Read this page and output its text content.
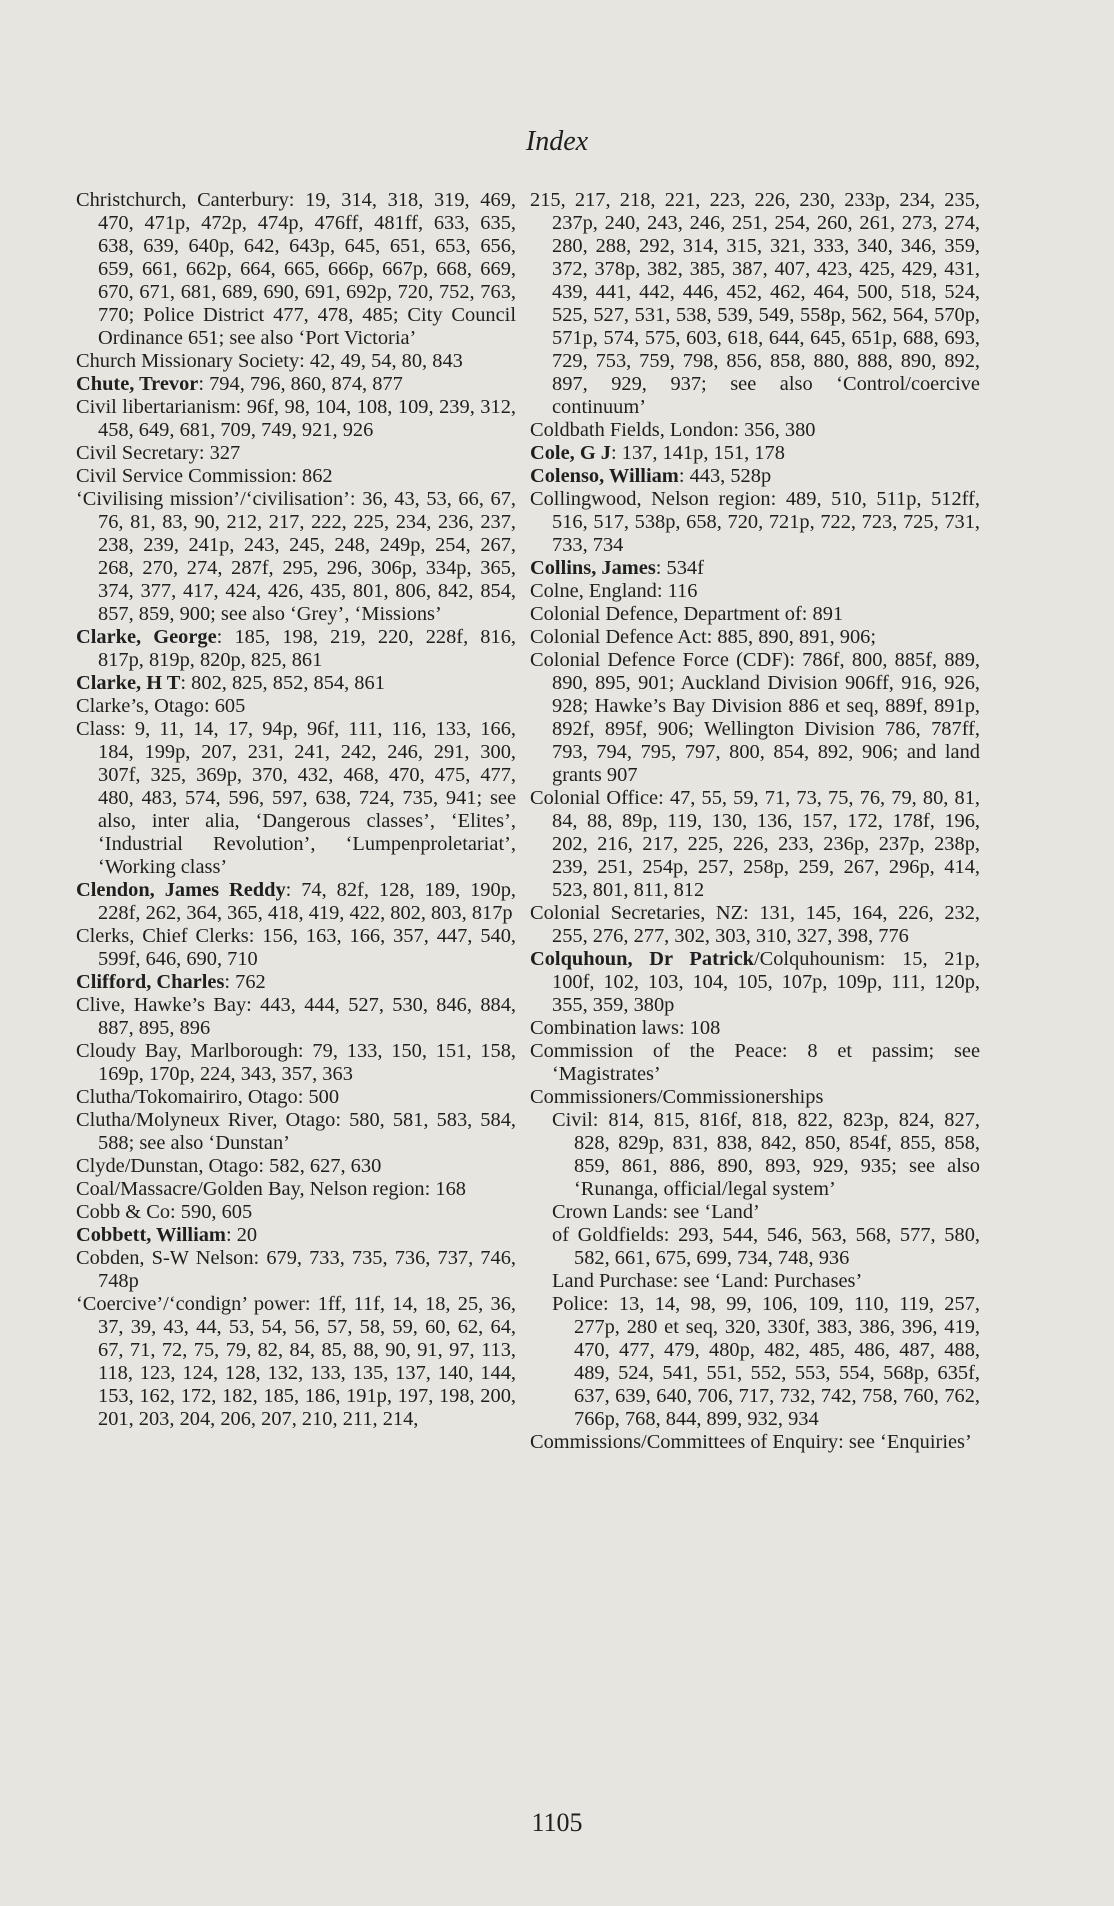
Index
Christchurch, Canterbury: 19, 314, 318, 319, 469, 470, 471p, 472p, 474p, 476ff, 481ff, 633, 635, 638, 639, 640p, 642, 643p, 645, 651, 653, 656, 659, 661, 662p, 664, 665, 666p, 667p, 668, 669, 670, 671, 681, 689, 690, 691, 692p, 720, 752, 763, 770; Police District 477, 478, 485; City Council Ordinance 651; see also ‘Port Victoria’
Church Missionary Society: 42, 49, 54, 80, 843
Chute, Trevor: 794, 796, 860, 874, 877
Civil libertarianism: 96f, 98, 104, 108, 109, 239, 312, 458, 649, 681, 709, 749, 921, 926
Civil Secretary: 327
Civil Service Commission: 862
‘Civilising mission’/‘civilisation’: 36, 43, 53, 66, 67, 76, 81, 83, 90, 212, 217, 222, 225, 234, 236, 237, 238, 239, 241p, 243, 245, 248, 249p, 254, 267, 268, 270, 274, 287f, 295, 296, 306p, 334p, 365, 374, 377, 417, 424, 426, 435, 801, 806, 842, 854, 857, 859, 900; see also ‘Grey’, ‘Missions’
Clarke, George: 185, 198, 219, 220, 228f, 816, 817p, 819p, 820p, 825, 861
Clarke, H T: 802, 825, 852, 854, 861
Clarke’s, Otago: 605
Class: 9, 11, 14, 17, 94p, 96f, 111, 116, 133, 166, 184, 199p, 207, 231, 241, 242, 246, 291, 300, 307f, 325, 369p, 370, 432, 468, 470, 475, 477, 480, 483, 574, 596, 597, 638, 724, 735, 941; see also, inter alia, ‘Dangerous classes’, ‘Elites’, ‘Industrial Revolution’, ‘Lumpenproletariat’, ‘Working class’
Clendon, James Reddy: 74, 82f, 128, 189, 190p, 228f, 262, 364, 365, 418, 419, 422, 802, 803, 817p
Clerks, Chief Clerks: 156, 163, 166, 357, 447, 540, 599f, 646, 690, 710
Clifford, Charles: 762
Clive, Hawke’s Bay: 443, 444, 527, 530, 846, 884, 887, 895, 896
Cloudy Bay, Marlborough: 79, 133, 150, 151, 158, 169p, 170p, 224, 343, 357, 363
Clutha/Tokomairiro, Otago: 500
Clutha/Molyneux River, Otago: 580, 581, 583, 584, 588; see also ‘Dunstan’
Clyde/Dunstan, Otago: 582, 627, 630
Coal/Massacre/Golden Bay, Nelson region: 168
Cobb & Co: 590, 605
Cobbett, William: 20
Cobden, S-W Nelson: 679, 733, 735, 736, 737, 746, 748p
‘Coercive’/‘condign’ power: 1ff, 11f, 14, 18, 25, 36, 37, 39, 43, 44, 53, 54, 56, 57, 58, 59, 60, 62, 64, 67, 71, 72, 75, 79, 82, 84, 85, 88, 90, 91, 97, 113, 118, 123, 124, 128, 132, 133, 135, 137, 140, 144, 153, 162, 172, 182, 185, 186, 191p, 197, 198, 200, 201, 203, 204, 206, 207, 210, 211, 214,
215, 217, 218, 221, 223, 226, 230, 233p, 234, 235, 237p, 240, 243, 246, 251, 254, 260, 261, 273, 274, 280, 288, 292, 314, 315, 321, 333, 340, 346, 359, 372, 378p, 382, 385, 387, 407, 423, 425, 429, 431, 439, 441, 442, 446, 452, 462, 464, 500, 518, 524, 525, 527, 531, 538, 539, 549, 558p, 562, 564, 570p, 571p, 574, 575, 603, 618, 644, 645, 651p, 688, 693, 729, 753, 759, 798, 856, 858, 880, 888, 890, 892, 897, 929, 937; see also ‘Control/coercive continuum’
Coldbath Fields, London: 356, 380
Cole, G J: 137, 141p, 151, 178
Colenso, William: 443, 528p
Collingwood, Nelson region: 489, 510, 511p, 512ff, 516, 517, 538p, 658, 720, 721p, 722, 723, 725, 731, 733, 734
Collins, James: 534f
Colne, England: 116
Colonial Defence, Department of: 891
Colonial Defence Act: 885, 890, 891, 906;
Colonial Defence Force (CDF): 786f, 800, 885f, 889, 890, 895, 901; Auckland Division 906ff, 916, 926, 928; Hawke’s Bay Division 886 et seq, 889f, 891p, 892f, 895f, 906; Wellington Division 786, 787ff, 793, 794, 795, 797, 800, 854, 892, 906; and land grants 907
Colonial Office: 47, 55, 59, 71, 73, 75, 76, 79, 80, 81, 84, 88, 89p, 119, 130, 136, 157, 172, 178f, 196, 202, 216, 217, 225, 226, 233, 236p, 237p, 238p, 239, 251, 254p, 257, 258p, 259, 267, 296p, 414, 523, 801, 811, 812
Colonial Secretaries, NZ: 131, 145, 164, 226, 232, 255, 276, 277, 302, 303, 310, 327, 398, 776
Colquhoun, Dr Patrick/Colquhounism: 15, 21p, 100f, 102, 103, 104, 105, 107p, 109p, 111, 120p, 355, 359, 380p
Combination laws: 108
Commission of the Peace: 8 et passim; see ‘Magistrates’
Commissioners/Commissionerships
Civil: 814, 815, 816f, 818, 822, 823p, 824, 827, 828, 829p, 831, 838, 842, 850, 854f, 855, 858, 859, 861, 886, 890, 893, 929, 935; see also ‘Runanga, official/legal system’
Crown Lands: see ‘Land’
of Goldfields: 293, 544, 546, 563, 568, 577, 580, 582, 661, 675, 699, 734, 748, 936
Land Purchase: see ‘Land: Purchases’
Police: 13, 14, 98, 99, 106, 109, 110, 119, 257, 277p, 280 et seq, 320, 330f, 383, 386, 396, 419, 470, 477, 479, 480p, 482, 485, 486, 487, 488, 489, 524, 541, 551, 552, 553, 554, 568p, 635f, 637, 639, 640, 706, 717, 732, 742, 758, 760, 762, 766p, 768, 844, 899, 932, 934
Commissions/Committees of Enquiry: see ‘Enquiries’
1105
